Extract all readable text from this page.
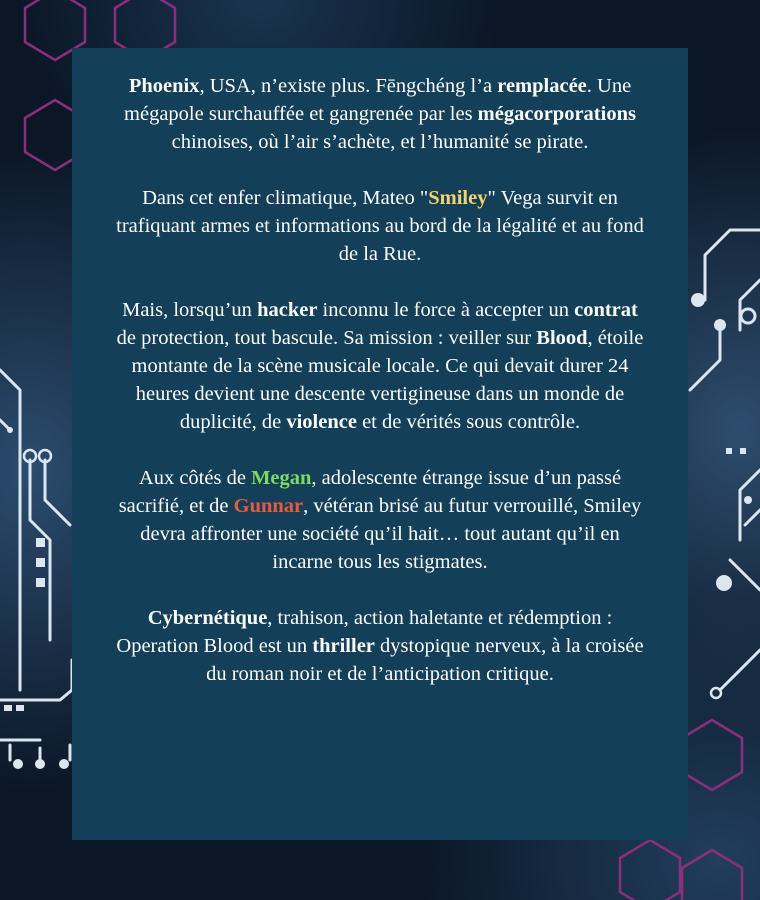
Phoenix, USA, n’existe plus. Fēngchéng l’a remplacée. Une mégapole surchauffée et gangrenée par les mégacorporations chinoises, où l’air s’achète, et l’humanité se pirate.

Dans cet enfer climatique, Mateo "Smiley" Vega survit en trafiquant armes et informations au bord de la légalité et au fond de la Rue.

Mais, lorsqu’un hacker inconnu le force à accepter un contrat de protection, tout bascule. Sa mission : veiller sur Blood, étoile montante de la scène musicale locale. Ce qui devait durer 24 heures devient une descente vertigineuse dans un monde de duplicité, de violence et de vérités sous contrôle.

Aux côtés de Megan, adolescente étrange issue d’un passé sacrifié, et de Gunnar, vétéran brisé au futur verrouillé, Smiley devra affronter une société qu’il hait… tout autant qu’il en incarne tous les stigmates.

Cybernétique, trahison, action haletante et rédemption : Operation Blood est un thriller dystopique nerveux, à la croisée du roman noir et de l’anticipation critique.
